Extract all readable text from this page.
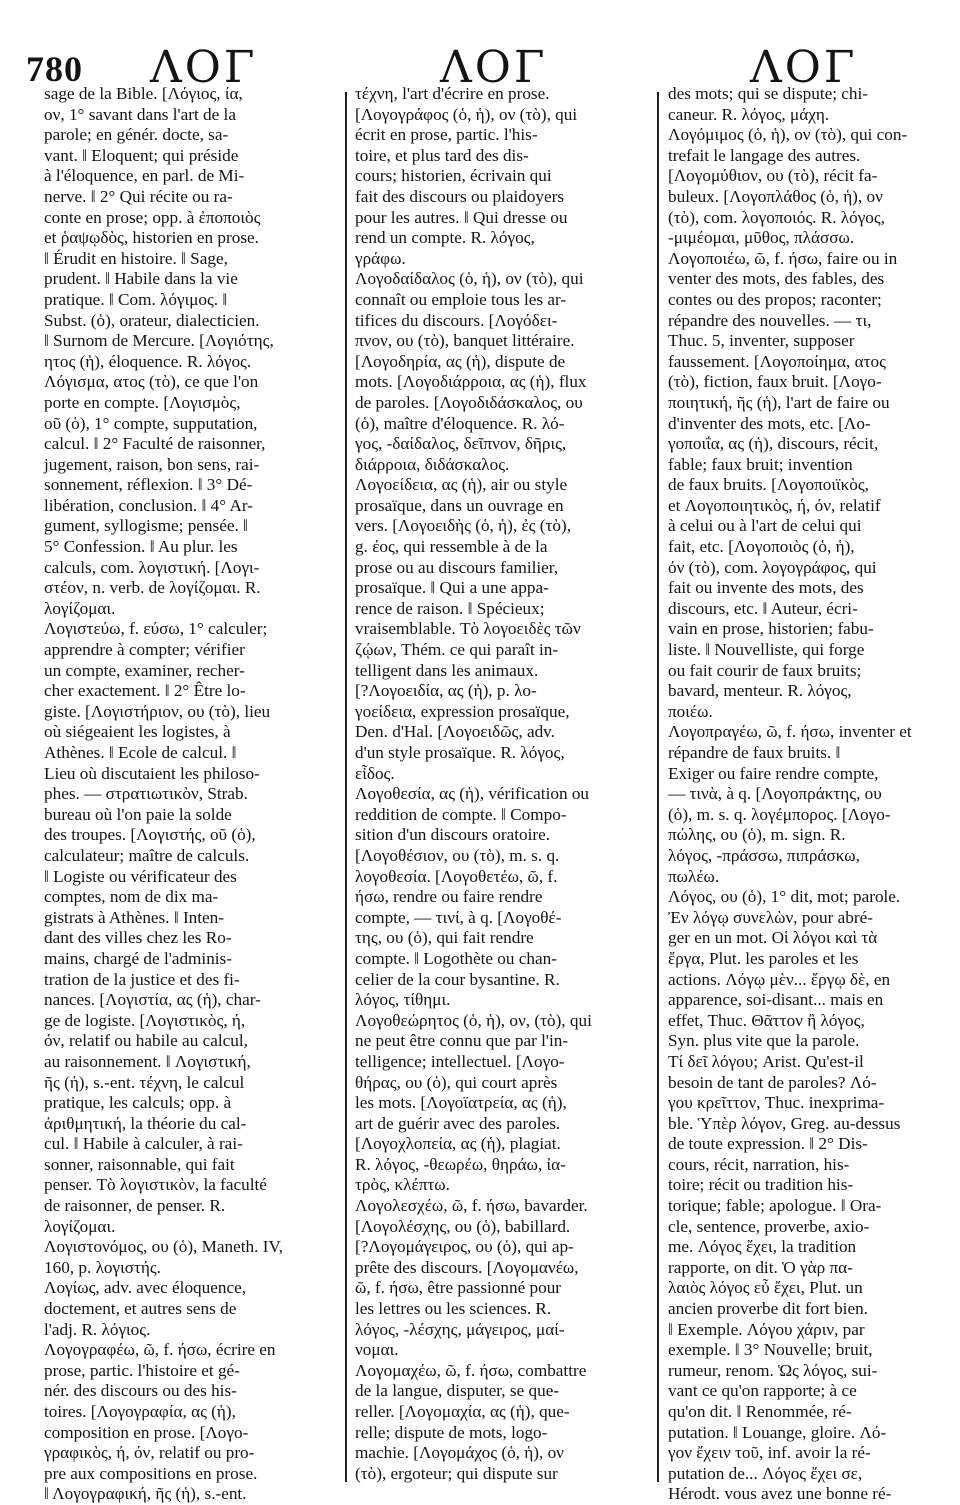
780 ΛΟΓ	ΛΟΓ	ΛΟΓ
sage de la Bible. [Λόγιος, ία,
ον, 1° savant dans l'art de la
parole; en génér. docte, sa-
vant. ‖ Eloquent; qui préside
à l'éloquence, en parl. de Mi-
nerve. ‖ 2° Qui récite ou ra-
conte en prose; opp. à ἐποποιὸς
et ῥαψῳδὸς, historien en prose.
‖ Érudit en histoire. ‖ Sage,
prudent. ‖ Habile dans la vie
pratique. ‖ Com. λόγιμος. ‖
Subst. (ὁ), orateur, dialecticien.
‖ Surnom de Mercure. [Λογιότης,
ητος (ἡ), éloquence. R. λόγος.
Λόγισμα, ατος (τὸ), ce que l'on
porte en compte. [Λογισμὸς,
οῦ (ὁ), 1° compte, supputation,
calcul. ‖ 2° Faculté de raisonner,
jugement, raison, bon sens, rai-
sonnement, réflexion. ‖ 3° Dé-
libération, conclusion. ‖ 4° Ar-
gument, syllogisme; pensée. ‖
5° Confession. ‖ Au plur. les
calculs, com. λογιστική. [Λογι-
στέον, n. verb. de λογίζομαι. R.
λογίζομαι.
Λογιστεύω, f. εύσω, 1° calculer;
apprendre à compter; vérifier
un compte, examiner, recher-
cher exactement. ‖ 2° Être lo-
giste. [Λογιστήριον, ου (τὸ), lieu
où siégeaient les logistes, à
Athènes. ‖ Ecole de calcul. ‖
Lieu où discutaient les philoso-
phes. — στρατιωτικὸν, Strab.
bureau où l'on paie la solde
des troupes. [Λογιστής, οῦ (ὁ),
calculateur; maître de calculs.
‖ Logiste ou vérificateur des
comptes, nom de dix ma-
gistrats à Athènes. ‖ Inten-
dant des villes chez les Ro-
mains, chargé de l'adminis-
tration de la justice et des fi-
nances. [Λογιστία, ας (ἡ), char-
ge de logiste. [Λογιστικὸς, ή,
όν, relatif ou habile au calcul,
au raisonnement. ‖ Λογιστική,
ῆς (ἡ), s.-ent. τέχνη, le calcul
pratique, les calculs; opp. à
ἀριθμητική, la théorie du cal-
cul. ‖ Habile à calculer, à rai-
sonner, raisonnable, qui fait
penser. Τὸ λογιστικὸν, la faculté
de raisonner, de penser. R.
λογίζομαι.
Λογιστονόμος, ου (ὁ), Maneth. IV,
160, p. λογιστής.
Λογίως, adv. avec éloquence,
doctement, et autres sens de
l'adj. R. λόγιος.
Λογογραφέω, ῶ, f. ήσω, écrire en
prose, partic. l'histoire et gé-
nér. des discours ou des his-
toires. [Λογογραφία, ας (ἡ),
composition en prose. [Λογο-
γραφικὸς, ή, όν, relatif ou pro-
pre aux compositions en prose.
‖ Λογογραφική, ῆς (ἡ), s.-ent.
τέχνη, l'art d'écrire en prose.
[Λογογράφος (ὁ, ἡ), ον (τὸ), qui
écrit en prose, partic. l'his-
toire, et plus tard des dis-
cours; historien, écrivain qui
fait des discours ou plaidoyers
pour les autres. ‖ Qui dresse ou
rend un compte. R. λόγος,
γράφω.
Λογοδαίδαλος (ὁ, ἡ), ον (τὸ), qui
connaît ou emploie tous les ar-
tifices du discours. [Λογόδει-
πνον, ου (τὸ), banquet littéraire.
[Λογοδηρία, ας (ἡ), dispute de
mots. [Λογοδιάρροια, ας (ἡ), flux
de paroles. [Λογοδιδάσκαλος, ου
(ὁ), maître d'éloquence. R. λό-
γος, -δαίδαλος, δεῖπνον, δῆρις,
διάρροια, διδάσκαλος.
Λογοείδεια, ας (ἡ), air ou style
prosaïque, dans un ouvrage en
vers. [Λογοειδὴς (ὁ, ἡ), ἐς (τὸ),
g. έος, qui ressemble à de la
prose ou au discours familier,
prosaïque. ‖ Qui a une appa-
rence de raison. ‖ Spécieux;
vraisemblable. Τὸ λογοειδὲς τῶν
ζῴων, Thém. ce qui paraît in-
telligent dans les animaux.
[?Λογοειδία, ας (ἡ), p. λο-
γοείδεια, expression prosaïque,
Den. d'Hal. [Λογοειδῶς, adv.
d'un style prosaïque. R. λόγος,
εἶδος.
Λογοθεσία, ας (ἡ), vérification ou
reddition de compte. ‖ Compo-
sition d'un discours oratoire.
[Λογοθέσιον, ου (τὸ), m. s. q.
λογοθεσία. [Λογοθετέω, ῶ, f.
ήσω, rendre ou faire rendre
compte, — τινί, à q. [Λογοθέ-
της, ου (ὁ), qui fait rendre
compte. ‖ Logothète ou chan-
celier de la cour bysantine. R.
λόγος, τίθημι.
Λογοθεώρητος (ὁ, ἡ), ον, (τὸ), qui
ne peut être connu que par l'in-
telligence; intellectuel. [Λογο-
θήρας, ου (ὁ), qui court après
les mots. [Λογοϊατρεία, ας (ἡ),
art de guérir avec des paroles.
[Λογοχλοπεία, ας (ἡ), plagiat.
R. λόγος, -θεωρέω, θηράω, ἰα-
τρὸς, κλέπτω.
Λογολεσχέω, ῶ, f. ήσω, bavarder.
[Λογολέσχης, ου (ὁ), babillard.
[?Λογομάγειρος, ου (ὁ), qui ap-
prête des discours. [Λογομανέω,
ῶ, f. ήσω, être passionné pour
les lettres ou les sciences. R.
λόγος, -λέσχης, μάγειρος, μαί-
νομαι.
Λογομαχέω, ῶ, f. ήσω, combattre
de la langue, disputer, se que-
reller. [Λογομαχία, ας (ἡ), que-
relle; dispute de mots, logo-
machie. [Λογομάχος (ὁ, ἡ), ον
(τὸ), ergoteur; qui dispute sur
des mots; qui se dispute; chi-
caneur. R. λόγος, μάχη.
Λογόμιμος (ὁ, ἡ), ον (τὸ), qui con-
trefait le langage des autres.
[Λογομύθιον, ου (τὸ), récit fa-
buleux. [Λογοπλάθος (ὁ, ἡ), ον
(τὸ), com. λογοποιός. R. λόγος,
-μιμέομαι, μῦθος, πλάσσω.
Λογοποιέω, ῶ, f. ήσω, faire ou in
venter des mots, des fables, des
contes ou des propos; raconter;
répandre des nouvelles. — τι,
Thuc. 5, inventer, supposer
faussement. [Λογοποίημα, ατος
(τὸ), fiction, faux bruit. [Λογο-
ποιητική, ῆς (ἡ), l'art de faire ou
d'inventer des mots, etc. [Λο-
γοποιΐα, ας (ἡ), discours, récit,
fable; faux bruit; invention
de faux bruits. [Λογοποιϊκὸς,
et Λογοποιητικὸς, ή, όν, relatif
à celui ou à l'art de celui qui
fait, etc. [Λογοποιὸς (ὁ, ἡ),
όν (τὸ), com. λογογράφος, qui
fait ou invente des mots, des
discours, etc. ‖ Auteur, écri-
vain en prose, historien; fabu-
liste. ‖ Nouvelliste, qui forge
ou fait courir de faux bruits;
bavard, menteur. R. λόγος,
ποιέω.
Λογοπραγέω, ῶ, f. ήσω, inventer et
répandre de faux bruits. ‖
Exiger ou faire rendre compte,
— τινὰ, à q. [Λογοπράκτης, ου
(ὁ), m. s. q. λογέμπορος. [Λογο-
πώλης, ου (ὁ), m. sign. R.
λόγος, -πράσσω, πιπράσκω,
πωλέω.
Λόγος, ου (ὁ), 1° dit, mot; parole.
Ἐν λόγῳ συνελὼν, pour abré-
ger en un mot. Οἱ λόγοι καὶ τὰ
ἔργα, Plut. les paroles et les
actions. Λόγῳ μὲν... ἔργῳ δὲ, en
apparence, soi-disant... mais en
effet, Thuc. Θᾶττον ἢ λόγος,
Syn. plus vite que la parole.
Τί δεῖ λόγου; Arist. Qu'est-il
besoin de tant de paroles? Λό-
γου κρεῖττον, Thuc. inexprima-
ble. Ὑπὲρ λόγον, Greg. au-dessus
de toute expression. ‖ 2° Dis-
cours, récit, narration, his-
toire; récit ou tradition his-
torique; fable; apologue. ‖ Ora-
cle, sentence, proverbe, axio-
me. Λόγος ἔχει, la tradition
rapporte, on dit. Ὁ γὰρ πα-
λαιὸς λόγος εὖ ἔχει, Plut. un
ancien proverbe dit fort bien.
‖ Exemple. Λόγου χάριν, par
exemple. ‖ 3° Nouvelle; bruit,
rumeur, renom. Ὡς λόγος, sui-
vant ce qu'on rapporte; à ce
qu'on dit. ‖ Renommée, ré-
putation. ‖ Louange, gloire. Λό-
γον ἔχειν τοῦ, inf. avoir la ré-
putation de... Λόγος ἔχει σε,
Hérodt. vous avez une bonne ré-
